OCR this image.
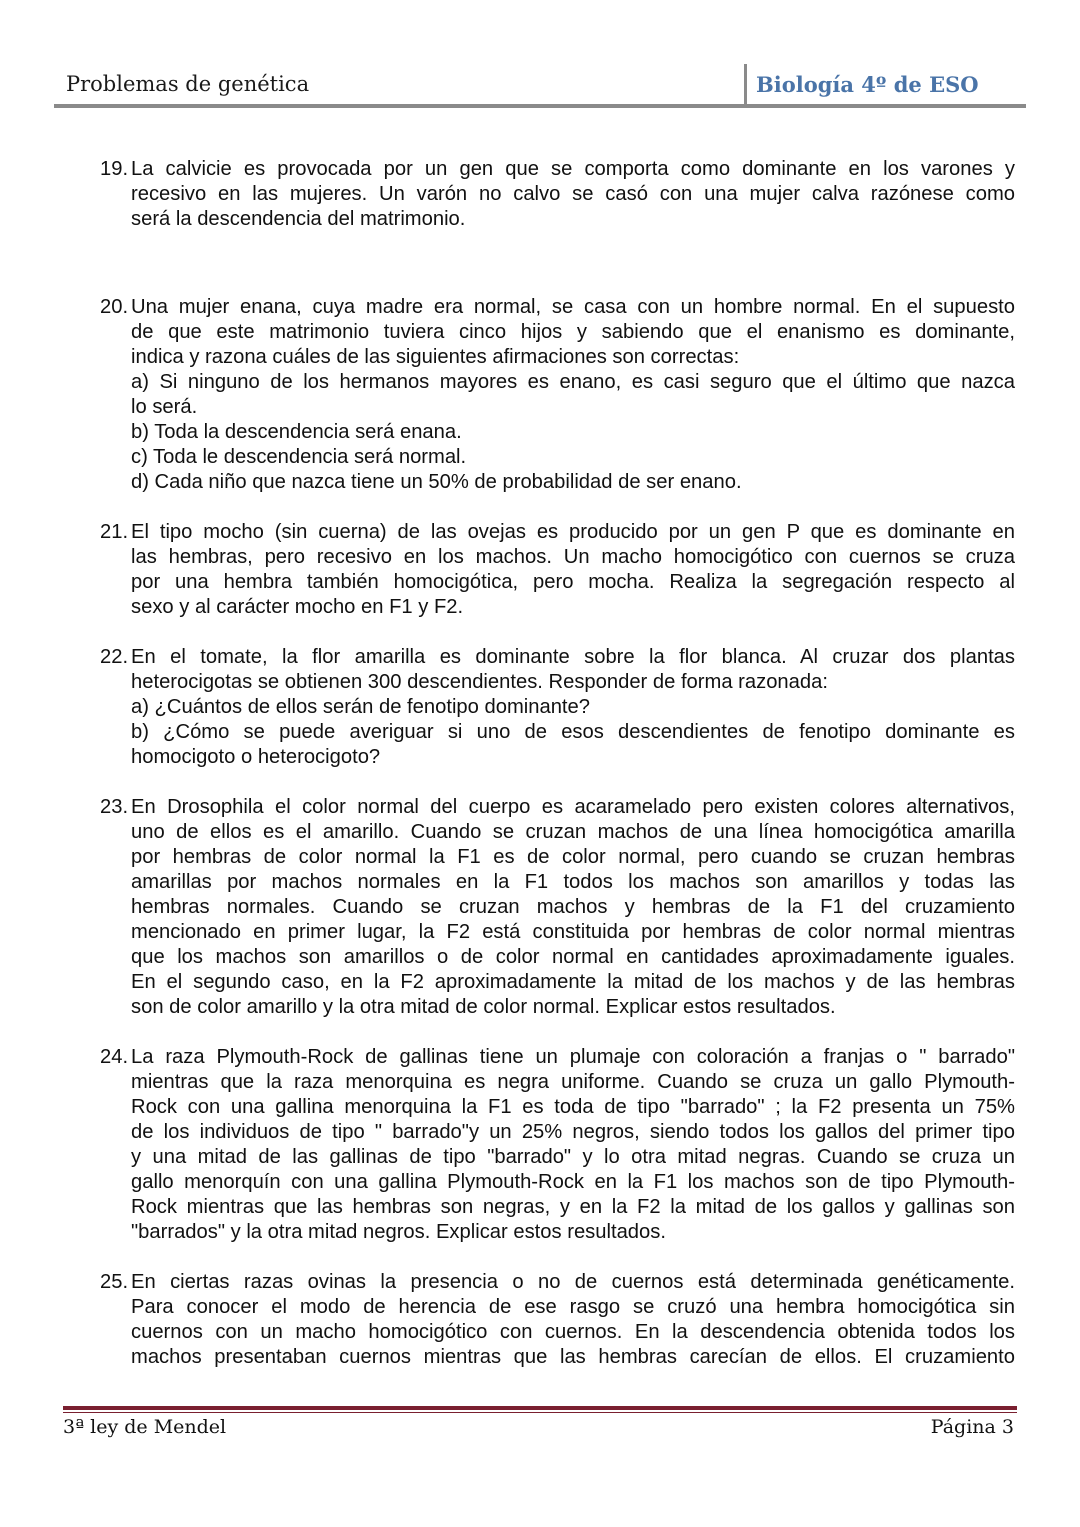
Problemas de genética	Biología 4º de ESO
19. La calvicie es provocada por un gen que se comporta como dominante en los varones y
recesivo en las mujeres. Un varón no calvo se casó con una mujer calva razónese como
será la descendencia del matrimonio.
20. Una mujer enana, cuya madre era normal, se casa con un hombre normal. En el supuesto
de que este matrimonio tuviera cinco hijos y sabiendo que el enanismo es dominante,
indica y razona cuáles de las siguientes afirmaciones son correctas:
a) Si ninguno de los hermanos mayores es enano, es casi seguro que el último que nazca
lo será.
b) Toda la descendencia será enana.
c) Toda le descendencia será normal.
d) Cada niño que nazca tiene un 50% de probabilidad de ser enano.
21. El tipo mocho (sin cuerna) de las ovejas es producido por un gen P que es dominante en
las hembras, pero recesivo en los machos. Un macho homocigótico con cuernos se cruza
por una hembra también homocigótica, pero mocha. Realiza la segregación respecto al
sexo y al carácter mocho en F1 y F2.
22. En el tomate, la flor amarilla es dominante sobre la flor blanca. Al cruzar dos plantas
heterocigotas se obtienen 300 descendientes. Responder de forma razonada:
a) ¿Cuántos de ellos serán de fenotipo dominante?
b) ¿Cómo se puede averiguar si uno de esos descendientes de fenotipo dominante es
homocigoto o heterocigoto?
23. En Drosophila el color normal del cuerpo es acaramelado pero existen colores alternativos,
uno de ellos es el amarillo. Cuando se cruzan machos de una línea homocigótica amarilla
por hembras de color normal la F1 es de color normal, pero cuando se cruzan hembras
amarillas por machos normales en la F1 todos los machos son amarillos y todas las
hembras normales. Cuando se cruzan machos y hembras de la F1 del cruzamiento
mencionado en primer lugar, la F2 está constituida por hembras de color normal mientras
que los machos son amarillos o de color normal en cantidades aproximadamente iguales.
En el segundo caso, en la F2 aproximadamente la mitad de los machos y de las hembras
son de color amarillo y la otra mitad de color normal. Explicar estos resultados.
24. La raza Plymouth-Rock de gallinas tiene un plumaje con coloración a franjas o " barrado"
mientras que la raza menorquina es negra uniforme. Cuando se cruza un gallo Plymouth-
Rock con una gallina menorquina la F1 es toda de tipo "barrado" ; la F2 presenta un 75%
de los individuos de tipo " barrado"y un 25% negros, siendo todos los gallos del primer tipo
y una mitad de las gallinas de tipo "barrado" y lo otra mitad negras. Cuando se cruza un
gallo menorquín con una gallina Plymouth-Rock en la F1 los machos son de tipo Plymouth-
Rock mientras que las hembras son negras, y en la F2 la mitad de los gallos y gallinas son
"barrados" y la otra mitad negros. Explicar estos resultados.
25. En ciertas razas ovinas la presencia o no de cuernos está determinada genéticamente.
Para conocer el modo de herencia de ese rasgo se cruzó una hembra homocigótica sin
cuernos con un macho homocigótico con cuernos. En la descendencia obtenida todos los
machos presentaban cuernos mientras que las hembras carecían de ellos. El cruzamiento
3ª ley de Mendel	Página 3
